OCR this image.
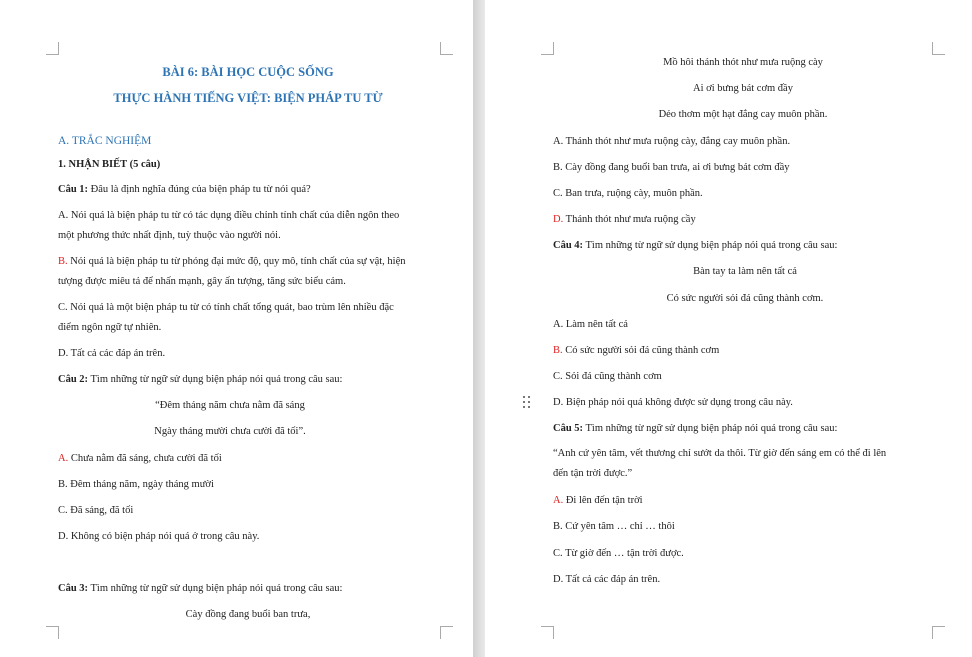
BÀI 6: BÀI HỌC CUỘC SỐNG
THỰC HÀNH TIẾNG VIỆT: BIỆN PHÁP TU TỪ
A. TRẮC NGHIỆM
1. NHẬN BIẾT (5 câu)
Câu 1: Đâu là định nghĩa đúng của biện pháp tu từ nói quá?
A. Nói quá là biện pháp tu từ có tác dụng điều chỉnh tính chất của diễn ngôn theo
một phương thức nhất định, tuỳ thuộc vào người nói.
B. Nói quá là biện pháp tu từ phóng đại mức độ, quy mô, tính chất của sự vật, hiện
tượng được miêu tả để nhấn mạnh, gây ấn tượng, tăng sức biểu cảm.
C. Nói quá là một biện pháp tu từ có tính chất tổng quát, bao trùm lên nhiều đặc
điểm ngôn ngữ tự nhiên.
D. Tất cả các đáp án trên.
Câu 2: Tìm những từ ngữ sử dụng biện pháp nói quá trong câu sau:
“Đêm tháng năm chưa nằm đã sáng
Ngày tháng mười chưa cười đã tối”.
A. Chưa nằm đã sáng, chưa cười đã tối
B. Đêm tháng năm, ngày tháng mười
C. Đã sáng, đã tối
D. Không có biện pháp nói quá ở trong câu này.
Câu 3: Tìm những từ ngữ sử dụng biện pháp nói quá trong câu sau:
Cày đồng đang buổi ban trưa,
Mồ hôi thánh thót như mưa ruộng cày
Ai ơi bưng bát cơm đầy
Dẻo thơm một hạt đắng cay muôn phần.
A. Thánh thót như mưa ruộng cày, đắng cay muôn phần.
B. Cày đồng đang buổi ban trưa, ai ơi bưng bát cơm đầy
C. Ban trưa, ruộng cày, muôn phần.
D. Thánh thót như mưa ruộng cầy
Câu 4: Tìm những từ ngữ sử dụng biện pháp nói quá trong câu sau:
Bàn tay ta làm nên tất cả
Có sức người sỏi đá cũng thành cơm.
A. Làm nên tất cả
B. Có sức người sỏi đá cũng thành cơm
C. Sỏi đá cũng thành cơm
D. Biện pháp nói quá không được sử dụng trong câu này.
Câu 5: Tìm những từ ngữ sử dụng biện pháp nói quá trong câu sau:
“Anh cứ yên tâm, vết thương chỉ sướt da thôi. Từ giờ đến sáng em có thể đi lên
đến tận trời được.”
A. Đi lên đến tận trời
B. Cứ yên tâm … chỉ … thôi
C. Từ giờ đến … tận trời được.
D. Tất cả các đáp án trên.
